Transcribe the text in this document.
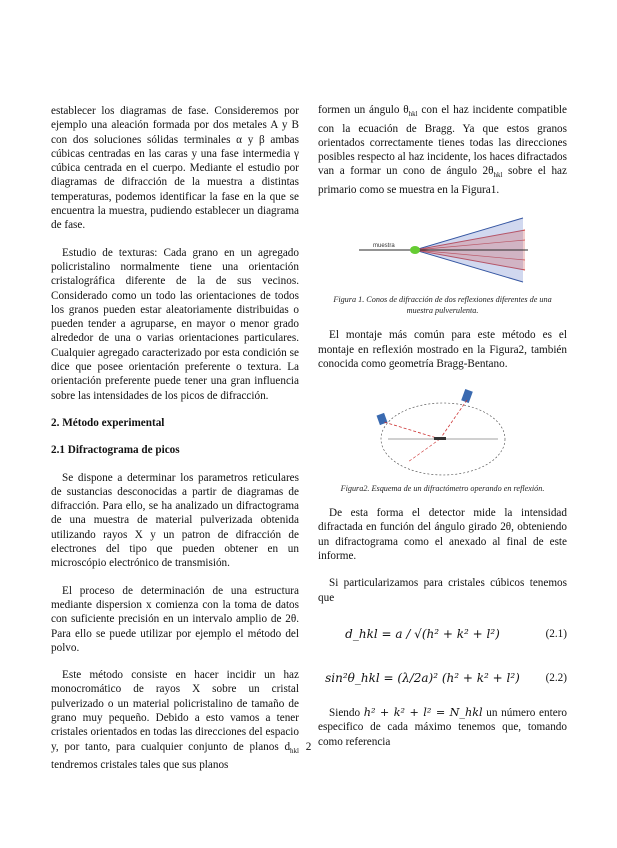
establecer los diagramas de fase. Consideremos por ejemplo una aleación formada por dos metales A y B con dos soluciones sólidas terminales α y β ambas cúbicas centradas en las caras y una fase intermedia γ cúbica centrada en el cuerpo. Mediante el estudio por diagramas de difracción de la muestra a distintas temperaturas, podemos identificar la fase en la que se encuentra la muestra, pudiendo establecer un diagrama de fase.

Estudio de texturas: Cada grano en un agregado policristalino normalmente tiene una orientación cristalográfica diferente de la de sus vecinos. Considerado como un todo las orientaciones de todos los granos pueden estar aleatoriamente distribuidas o pueden tender a agruparse, en mayor o menor grado alrededor de una o varias orientaciones particulares. Cualquier agregado caracterizado por esta condición se dice que posee orientación preferente o textura. La orientación preferente puede tener una gran influencia sobre las intensidades de los picos de difracción.

2. Método experimental
2.1 Difractograma de picos

Se dispone a determinar los parametros reticulares de sustancias desconocidas a partir de diagramas de difracción. Para ello, se ha analizado un difractograma de una muestra de material pulverizada obtenida utilizando rayos X y un patron de difracción de electrones del tipo que pueden obtener en un microscópio electrónico de transmisión.

El proceso de determinación de una estructura mediante dispersion x comienza con la toma de datos con suficiente precisión en un intervalo amplio de 2θ. Para ello se puede utilizar por ejemplo el método del polvo.

Este método consiste en hacer incidir un haz monocromático de rayos X sobre un cristal pulverizado o un material policristalino de tamaño de grano muy pequeño. Debido a esto vamos a tener cristales orientados en todas las direcciones del espacio y, por tanto, para cualquier conjunto de planos $d_{hkl}$ tendremos cristales tales que sus planos

formen un ángulo $\theta_{hkl}$ con el haz incidente compatible con la ecuación de Bragg. Ya que estos granos orientados correctamente tienes todas las direcciones posibles respecto al haz incidente, los haces difractados van a formar un cono de ángulo $2\theta_{hkl}$ sobre el haz primario como se muestra en la Figura1.

muestra
Figura 1. Conos de difracción de dos reflexiones diferentes de una muestra pulverulenta.

El montaje más común para este método es el montaje en reflexión mostrado en la Figura2, también conocida como geometría Bragg-Bentano.

Figura2. Esquema de un difractómetro operando en reflexión.

De esta forma el detector mide la intensidad difractada en función del ángulo girado 2θ, obteniendo un difractograma como el anexado al final de este informe.

Si particularizamos para cristales cúbicos tenemos que

d_hkl = a / √(h² + k² + l²)	(2.1)
sin²θ_hkl = (λ/2a)² (h² + k² + l²)	(2.2)

Siendo h² + k² + l² = N_hkl un número entero especifico de cada máximo tenemos que, tomando como referencia

2
